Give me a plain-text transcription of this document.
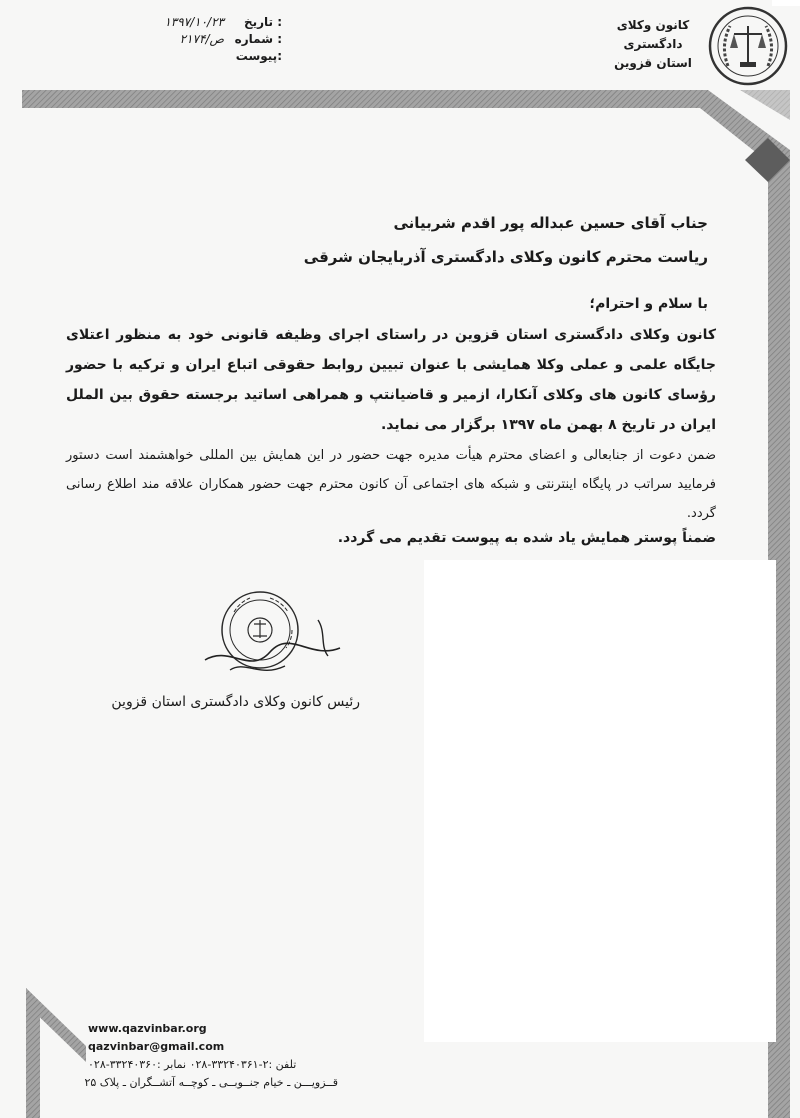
کانون وکلای
دادگستری
استان قزوین
تاریخ :
۱۳۹۷/۱۰/۲۳
شماره :
۲۱۷۴/ص
پیوست:
جناب آقای حسین عبداله پور اقدم شربیانی
ریاست محترم کانون وکلای دادگستری آذربایجان شرقی
با سلام و احترام؛
کانون وکلای دادگستری استان قزوین در راستای اجرای وظیفه قانونی خود به منظور اعتلای جایگاه علمی و عملی وکلا همایشی با عنوان تبیین روابط حقوقی اتباع ایران و ترکیه با حضور رؤسای کانون های وکلای آنکارا، ازمیر و قاضیانتپ و همراهی اساتید برجسته حقوق بین الملل ایران در تاریخ ۸ بهمن ماه ۱۳۹۷ برگزار می نماید.
ضمن دعوت از جنابعالی و اعضای محترم هیأت مدیره جهت حضور در این همایش بین المللی خواهشمند است دستور فرمایید سراتب در پایگاه اینترنتی و شبکه های اجتماعی آن کانون محترم جهت حضور همکاران علاقه مند اطلاع رسانی گردد.
ضمناً پوستر همایش یاد شده به پیوست تقدیم می گردد.
رئیس کانون وکلای دادگستری استان قزوین
www.qazvinbar.org qazvinbar@gmail.com
تلفن :۲-۳۳۲۴۰۳۶۱-۰۲۸ نمابر :۳۳۲۴۰۳۶۰-۰۲۸
قــزویـــن ـ خیام جنــوبــی ـ کوچــه آتشــگران ـ پلاک ۲۵
